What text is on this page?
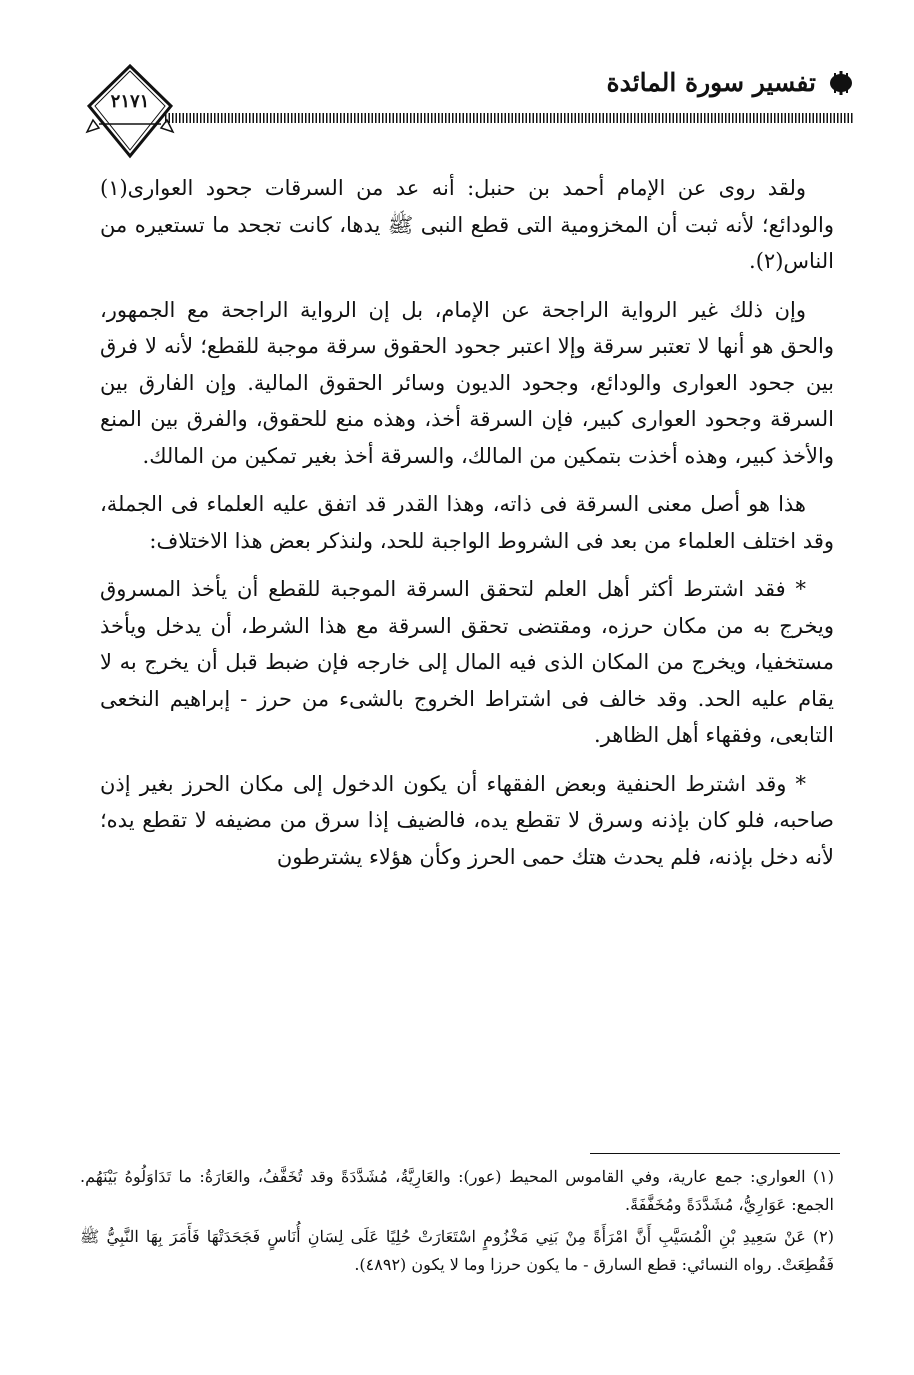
تفسير سورة المائدة
٢١٧١

ولقد روى عن الإمام أحمد بن حنبل: أنه عد من السرقات جحود العوارى(١) والودائع؛ لأنه ثبت أن المخزومية التى قطع النبى ﷺ يدها، كانت تجحد ما تستعيره من الناس(٢).

وإن ذلك غير الرواية الراجحة عن الإمام، بل إن الرواية الراجحة مع الجمهور، والحق هو أنها لا تعتبر سرقة وإلا اعتبر جحود الحقوق سرقة موجبة للقطع؛ لأنه لا فرق بين جحود العوارى والودائع، وجحود الديون وسائر الحقوق المالية. وإن الفارق بين السرقة وجحود العوارى كبير، فإن السرقة أخذ، وهذه منع للحقوق، والفرق بين المنع والأخذ كبير، وهذه أخذت بتمكين من المالك، والسرقة أخذ بغير تمكين من المالك.

هذا هو أصل معنى السرقة فى ذاته، وهذا القدر قد اتفق عليه العلماء فى الجملة، وقد اختلف العلماء من بعد فى الشروط الواجبة للحد، ولنذكر بعض هذا الاختلاف:

* فقد اشترط أكثر أهل العلم لتحقق السرقة الموجبة للقطع أن يأخذ المسروق ويخرج به من مكان حرزه، ومقتضى تحقق السرقة مع هذا الشرط، أن يدخل ويأخذ مستخفيا، ويخرج من المكان الذى فيه المال إلى خارجه فإن ضبط قبل أن يخرج به لا يقام عليه الحد. وقد خالف فى اشتراط الخروج بالشىء من حرز - إبراهيم النخعى التابعى، وفقهاء أهل الظاهر.

* وقد اشترط الحنفية وبعض الفقهاء أن يكون الدخول إلى مكان الحرز بغير إذن صاحبه، فلو كان بإذنه وسرق لا تقطع يده، فالضيف إذا سرق من مضيفه لا تقطع يده؛ لأنه دخل بإذنه، فلم يحدث هتك حمى الحرز وكأن هؤلاء يشترطون

(١) العواري: جمع عارية، وفي القاموس المحيط (عور): والعَارِيَّةُ، مُشَدَّدَةً وقد تُخَفَّفُ، والعَارَةُ: ما تَدَاوَلُوهُ بَيْنَهُم. الجمع: عَوَارِيُّ، مُشَدَّدَةً ومُخَفَّفَةً.

(٢) عَنْ سَعِيدِ بْنِ الْمُسَيَّبِ أَنَّ امْرَأَةً مِنْ بَنِي مَخْزُومٍ اسْتَعَارَتْ حُلِيًا عَلَى لِسَانِ أُنَاسٍ فَجَحَدَتْهَا فَأَمَرَ بِهَا النَّبِيُّ ﷺ فَقُطِعَتْ. رواه النسائي: قطع السارق - ما يكون حرزا وما لا يكون (٤٨٩٢).
